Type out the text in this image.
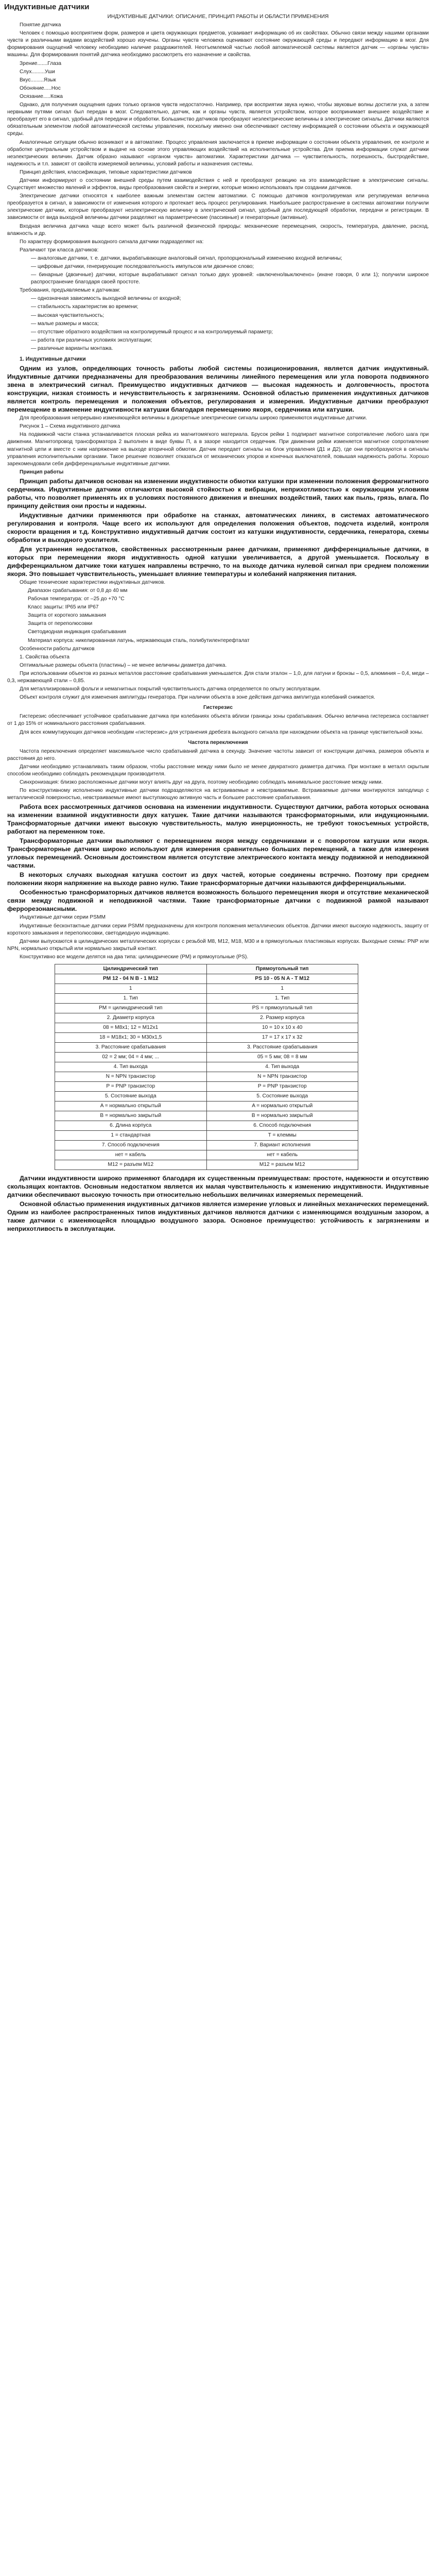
Индуктивные датчики

ИНДУКТИВНЫЕ ДАТЧИКИ: ОПИСАНИЕ, ПРИНЦИП РАБОТЫ И ОБЛАСТИ ПРИМЕНЕНИЯ

Понятие датчика

Человек с помощью восприятием форм, размеров и цвета окружающих предметов, усваивает информацию об их свойствах. Обычно связи между нашими органами чувств и различными видами воздействий хорошо изучены. Органы чувств человека оценивают состояние окружающей среды и передают информацию в мозг. Для формирования ощущений человеку необходимо наличие раздражителей. Неотъемлемой частью любой автоматической системы является датчик — «органы чувств» машины. Для формирования понятий датчика необходимо рассмотреть его назначение и свойства.

Зрение.......Глаза

Слух.........Уши

Вкус.........Язык

Обоняние.....Нос

Осязание.....Кожа

Однако, для получения ощущения одних только органов чувств недостаточно. Например, при восприятии звука нужно, чтобы звуковые волны достигли уха, а затем нервными путями сигнал был передан в мозг. Следовательно, датчик, как и органы чувств, является устройством, которое воспринимает внешнее воздействие и преобразует его в сигнал, удобный для передачи и обработки. Большинство датчиков преобразуют неэлектрические величины в электрические сигналы. Датчики являются обязательным элементом любой автоматической системы управления, поскольку именно они обеспечивают систему информацией о состоянии объекта и окружающей среды.

Аналогичные ситуации обычно возникают и в автоматике. Процесс управления заключается в приеме информации о состоянии объекта управления, ее контроле и обработке центральным устройством и выдаче на основе этого управляющих воздействий на исполнительные устройства. Для приема информации служат датчики неэлектрических величин. Датчик образно называют «органом чувств» автоматики. Характеристики датчика — чувствительность, погрешность, быстродействие, надежность и т.п. зависят от свойств измеряемой величины, условий работы и назначения системы.

Принцип действия, классификация, типовые характеристики датчиков

Датчики информируют о состоянии внешней среды путем взаимодействия с ней и преобразуют реакцию на это взаимодействие в электрические сигналы. Существует множество явлений и эффектов, виды преобразования свойств и энергии, которые можно использовать при создании датчиков.

Электрические датчики относятся к наиболее важным элементам систем автоматики. С помощью датчиков контролируемая или регулируемая величина преобразуется в сигнал, в зависимости от изменения которого и протекает весь процесс регулирования. Наибольшее распространение в системах автоматики получили электрические датчики, которые преобразуют неэлектрическую величину в электрический сигнал, удобный для последующей обработки, передачи и регистрации. В зависимости от вида выходной величины датчики разделяют на параметрические (пассивные) и генераторные (активные).

Входная величина датчика чаще всего может быть различной физической природы: механические перемещения, скорость, температура, давление, расход, влажность и др.

По характеру формирования выходного сигнала датчики подразделяют на:

Различают три класса датчиков:

— аналоговые датчики, т. е. датчики, вырабатывающие аналоговый сигнал, пропорциональный изменению входной величины;

— цифровые датчики, генерирующие последовательность импульсов или двоичное слово;

— бинарные (двоичные) датчики, которые вырабатывают сигнал только двух уровней: «включено/выключено» (иначе говоря, 0 или 1); получили широкое распространение благодаря своей простоте.

Требования, предъявляемые к датчикам:

— однозначная зависимость выходной величины от входной;

— стабильность характеристик во времени;

— высокая чувствительность;

— малые размеры и масса;

— отсутствие обратного воздействия на контролируемый процесс и на контролируемый параметр;

— работа при различных условиях эксплуатации;

— различные варианты монтажа.

1. Индуктивные датчики

Одним из узлов, определяющих точность работы любой системы позиционирования, является датчик индуктивный. Индуктивные датчики предназначены для преобразования величины линейного перемещения или угла поворота подвижного звена в электрический сигнал. Преимущество индуктивных датчиков — высокая надежность и долговечность, простота конструкции, низкая стоимость и нечувствительность к загрязнениям. Основной областью применения индуктивных датчиков является контроль перемещения и положения объектов, регулирования и измерения. Индуктивные датчики преобразуют перемещение в изменение индуктивности катушки благодаря перемещению якоря, сердечника или катушки.

Для преобразования непрерывно изменяющейся величины в дискретные электрические сигналы широко применяются индуктивные датчики.

Рисунок 1 – Схема индуктивного датчика

На подвижной части станка устанавливается плоская рейка из магнитомягкого материала. Брусок рейки 1 подпирает магнитное сопротивление любого шага при движении. Магнитопровод трансформатора 2 выполнен в виде буквы П, а в зазоре находится сердечник. При движении рейки изменяется магнитное сопротивление магнитной цепи и вместе с ним напряжение на выходе вторичной обмотки. Датчик передает сигналы на блок управления (Д1 и Д2), где они преобразуются в сигналы управления исполнительными органами. Такое решение позволяет отказаться от механических упоров и конечных выключателей, повышая надежность работы. Хорошо зарекомендовали себя дифференциальные индуктивные датчики.

Принцип работы

Принцип работы датчиков основан на изменении индуктивности обмотки катушки при изменении положения ферромагнитного сердечника. Индуктивные датчики отличаются высокой стойкостью к вибрации, неприхотливостью к окружающим условиям работы, что позволяет применять их в условиях постоянного движения и внешних воздействий, таких как пыль, грязь, влага. По принципу действия они просты и надежны.

Индуктивные датчики применяются при обработке на станках, автоматических линиях, в системах автоматического регулирования и контроля. Чаще всего их используют для определения положения объектов, подсчета изделий, контроля скорости вращения и т.д. Конструктивно индуктивный датчик состоит из катушки индуктивности, сердечника, генератора, схемы обработки и выходного усилителя.

Для устранения недостатков, свойственных рассмотренным ранее датчикам, применяют дифференциальные датчики, в которых при перемещении якоря индуктивность одной катушки увеличивается, а другой уменьшается. Поскольку в дифференциальном датчике токи катушек направлены встречно, то на выходе датчика нулевой сигнал при среднем положении якоря. Это повышает чувствительность, уменьшает влияние температуры и колебаний напряжения питания.

Общие технические характеристики индуктивных датчиков.

Диапазон срабатывания: от 0,8 до 40 мм

Рабочая температура: от –25 до +70 °С

Класс защиты: IP65 или IP67

Защита от короткого замыкания

Защита от переполюсовки

Светодиодная индикация срабатывания

Материал корпуса: никелированная латунь, нержавеющая сталь, полибутилентерефталат

Особенности работы датчиков

1. Свойства объекта

Оптимальные размеры объекта (пластины) – не менее величины диаметра датчика.

При использовании объектов из разных металлов расстояние срабатывания уменьшается. Для стали эталон – 1,0, для латуни и бронзы – 0,5, алюминия – 0,4, меди – 0,3, нержавеющей стали – 0,85.

Для металлизированной фольги и немагнитных покрытий чувствительность датчика определяется по опыту эксплуатации.

Объект контроля служит для изменения амплитуды генератора. При наличии объекта в зоне действия датчика амплитуда колебаний снижается.

Гистерезис

Гистерезис обеспечивает устойчивое срабатывание датчика при колебаниях объекта вблизи границы зоны срабатывания. Обычно величина гистерезиса составляет от 1 до 15% от номинального расстояния срабатывания.

Для всех коммутирующих датчиков необходим «гистерезис» для устранения дребезга выходного сигнала при нахождении объекта на границе чувствительной зоны.

Частота переключения

Частота переключения определяет максимальное число срабатываний датчика в секунду. Значение частоты зависит от конструкции датчика, размеров объекта и расстояния до него.

Датчики необходимо устанавливать таким образом, чтобы расстояние между ними было не менее двукратного диаметра датчика. При монтаже в металл скрытым способом необходимо соблюдать рекомендации производителя.

Синхронизация: близко расположенные датчики могут влиять друг на друга, поэтому необходимо соблюдать минимальное расстояние между ними.

По конструктивному исполнению индуктивные датчики подразделяются на встраиваемые и невстраиваемые. Встраиваемые датчики монтируются заподлицо с металлической поверхностью, невстраиваемые имеют выступающую активную часть и большее расстояние срабатывания.

Работа всех рассмотренных датчиков основана на изменении индуктивности. Существуют датчики, работа которых основана на изменении взаимной индуктивности двух катушек. Такие датчики называются трансформаторными, или индукционными. Трансформаторные датчики имеют высокую чувствительность, малую инерционность, не требуют токосъемных устройств, работают на переменном токе.

Трансформаторные датчики выполняют с перемещением якоря между сердечниками и с поворотом катушки или якоря. Трансформаторные датчики широко используют для измерения сравнительно больших перемещений, а также для измерения угловых перемещений. Основным достоинством является отсутствие электрического контакта между подвижной и неподвижной частями.

В некоторых случаях выходная катушка состоит из двух частей, которые соединены встречно. Поэтому при среднем положении якоря напряжение на выходе равно нулю. Такие трансформаторные датчики называются дифференциальными.

Особенностью трансформаторных датчиков является возможность большого перемещения якоря и отсутствие механической связи между подвижной и неподвижной частями. Такие трансформаторные датчики с подвижной рамкой называют феррорезонансными.

Индуктивные датчики серии PSMM

Индуктивные бесконтактные датчики серии PSMM предназначены для контроля положения металлических объектов. Датчики имеют высокую надежность, защиту от короткого замыкания и переполюсовки, светодиодную индикацию.

Датчики выпускаются в цилиндрических металлических корпусах с резьбой М8, М12, М18, М30 и в прямоугольных пластиковых корпусах. Выходные схемы: PNP или NPN, нормально открытый или нормально закрытый контакт.

Конструктивно все модели делятся на два типа: цилиндрические (PM) и прямоугольные (PS).

Цилиндрический тип	Прямоугольный тип
PM 12 - 04 N B - 1 M12	PS 10 - 05 N A - T M12
1	1
1. Тип	1. Тип
PM = цилиндрический тип	PS = прямоугольный тип
2. Диаметр корпуса	2. Размер корпуса
08 = M8x1; 12 = M12x1	10 = 10 x 10 x 40
18 = M18x1; 30 = M30x1,5	17 = 17 x 17 x 32
3. Расстояние срабатывания	3. Расстояние срабатывания
02 = 2 мм; 04 = 4 мм; ...	05 = 5 мм; 08 = 8 мм
4. Тип выхода	4. Тип выхода
N = NPN транзистор	N = NPN транзистор
P = PNP транзистор	P = PNP транзистор
5. Состояние выхода	5. Состояние выхода
A = нормально открытый	A = нормально открытый
B = нормально закрытый	B = нормально закрытый
6. Длина корпуса	6. Способ подключения
1 = стандартная	T = клеммы
7. Способ подключения	7. Вариант исполнения
нет = кабель	нет = кабель
M12 = разъем M12	M12 = разъем M12

Датчики индуктивности широко применяют благодаря их существенным преимуществам: простоте, надежности и отсутствию скользящих контактов. Основным недостатком является их малая чувствительность к изменению индуктивности. Индуктивные датчики обеспечивают высокую точность при относительно небольших величинах измеряемых перемещений.

Основной областью применения индуктивных датчиков является измерение угловых и линейных механических перемещений. Одним из наиболее распространенных типов индуктивных датчиков являются датчики с изменяющимся воздушным зазором, а также датчики с изменяющейся площадью воздушного зазора. Основное преимущество: устойчивость к загрязнениям и неприхотливость в эксплуатации.
